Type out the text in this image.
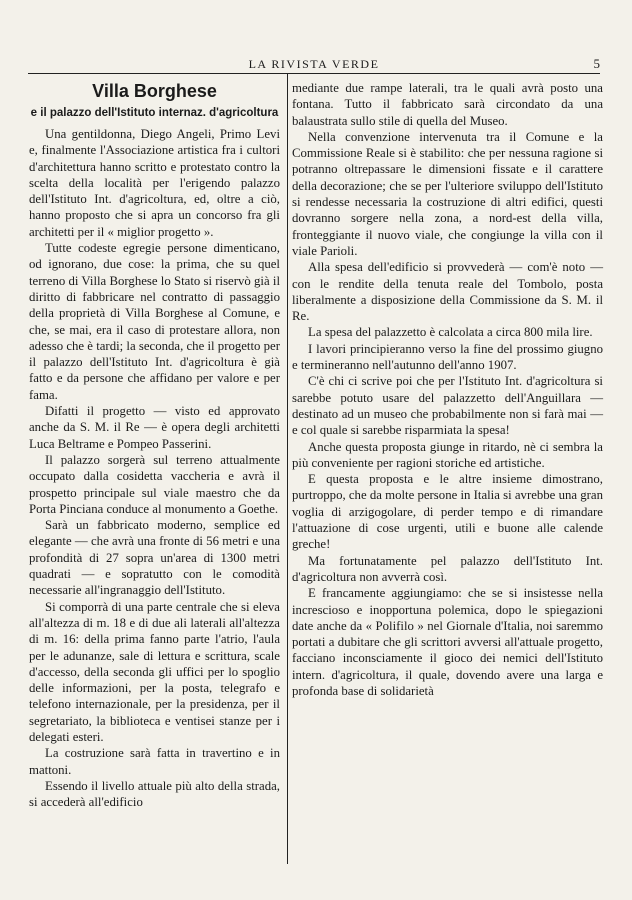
LA RIVISTA VERDE	5
Villa Borghese
e il palazzo dell'Istituto internaz. d'agricoltura

Una gentildonna, Diego Angeli, Primo Levi e, finalmente l'Associazione artistica fra i cultori d'architettura hanno scritto e protestato contro la scelta della località per l'erigendo palazzo dell'Istituto Int. d'agricoltura, ed, oltre a ciò, hanno proposto che si apra un concorso fra gli architetti per il « miglior progetto ».

Tutte codeste egregie persone dimenticano, od ignorano, due cose: la prima, che su quel terreno di Villa Borghese lo Stato si riservò già il diritto di fabbricare nel contratto di passaggio della proprietà di Villa Borghese al Comune, e che, se mai, era il caso di protestare allora, non adesso che è tardi; la seconda, che il progetto per il palazzo dell'Istituto Int. d'agricoltura è già fatto e da persone che affidano per valore e per fama.

Difatti il progetto — visto ed approvato anche da S. M. il Re — è opera degli architetti Luca Beltrame e Pompeo Passerini.

Il palazzo sorgerà sul terreno attualmente occupato dalla cosidetta vaccheria e avrà il prospetto principale sul viale maestro che da Porta Pinciana conduce al monumento a Goethe.

Sarà un fabbricato moderno, semplice ed elegante — che avrà una fronte di 56 metri e una profondità di 27 sopra un'area di 1300 metri quadrati — e sopratutto con le comodità necessarie all'ingranaggio dell'Istituto.

Si comporrà di una parte centrale che si eleva all'altezza di m. 18 e di due ali laterali all'altezza di m. 16: della prima fanno parte l'atrio, l'aula per le adunanze, sale di lettura e scrittura, scale d'accesso, della seconda gli uffici per lo spoglio delle informazioni, per la posta, telegrafo e telefono internazionale, per la presidenza, per il segretariato, la biblioteca e ventisei stanze per i delegati esteri.

La costruzione sarà fatta in travertino e in mattoni.

Essendo il livello attuale più alto della strada, si accederà all'edificio

mediante due rampe laterali, tra le quali avrà posto una fontana. Tutto il fabbricato sarà circondato da una balaustrata sullo stile di quella del Museo.

Nella convenzione intervenuta tra il Comune e la Commissione Reale si è stabilito: che per nessuna ragione si potranno oltrepassare le dimensioni fissate e il carattere della decorazione; che se per l'ulteriore sviluppo dell'Istituto si rendesse necessaria la costruzione di altri edifici, questi dovranno sorgere nella zona, a nord-est della villa, fronteggiante il nuovo viale, che congiunge la villa con il viale Parioli.

Alla spesa dell'edificio si provvederà — com'è noto — con le rendite della tenuta reale del Tombolo, posta liberalmente a disposizione della Commissione da S. M. il Re.

La spesa del palazzetto è calcolata a circa 800 mila lire.

I lavori principieranno verso la fine del prossimo giugno e termineranno nell'autunno dell'anno 1907.

C'è chi ci scrive poi che per l'Istituto Int. d'agricoltura si sarebbe potuto usare del palazzetto dell'Anguillara — destinato ad un museo che probabilmente non si farà mai — e col quale si sarebbe risparmiata la spesa!

Anche questa proposta giunge in ritardo, nè ci sembra la più conveniente per ragioni storiche ed artistiche.

E questa proposta e le altre insieme dimostrano, purtroppo, che da molte persone in Italia si avrebbe una gran voglia di arzigogolare, di perder tempo e di rimandare l'attuazione di cose urgenti, utili e buone alle calende greche!

Ma fortunatamente pel palazzo dell'Istituto Int. d'agricoltura non avverrà così.

E francamente aggiungiamo: che se si insistesse nella increscioso e inopportuna polemica, dopo le spiegazioni date anche da « Polifilo » nel Giornale d'Italia, noi saremmo portati a dubitare che gli scrittori avversi all'attuale progetto, facciano inconsciamente il gioco dei nemici dell'Istituto intern. d'agricoltura, il quale, dovendo avere una larga e profonda base di solidarietà
